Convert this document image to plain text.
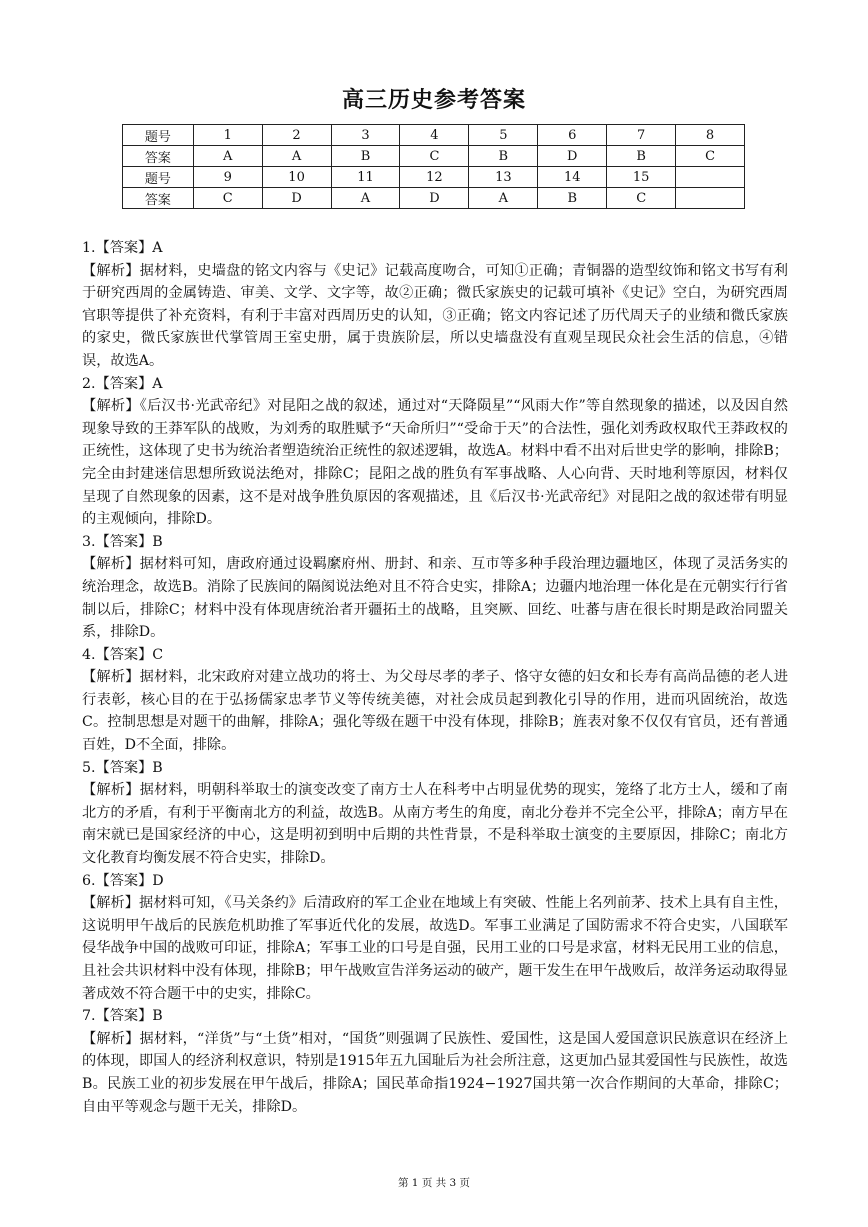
高三历史参考答案
题号	1	2	3	4	5	6	7	8
答案	A	A	B	C	B	D	B	C
题号	9	10	11	12	13	14	15	
答案	C	D	A	D	A	B	C	

1.【答案】A

【解析】据材料，史墙盘的铭文内容与《史记》记载高度吻合，可知①正确；青铜器的造型纹饰和铭文书写有利于研究西周的金属铸造、审美、文学、文字等，故②正确；微氏家族史的记载可填补《史记》空白，为研究西周官职等提供了补充资料，有利于丰富对西周历史的认知，③正确；铭文内容记述了历代周天子的业绩和微氏家族的家史，微氏家族世代掌管周王室史册，属于贵族阶层，所以史墙盘没有直观呈现民众社会生活的信息，④错误，故选A。

2.【答案】A

【解析】《后汉书·光武帝纪》对昆阳之战的叙述，通过对“天降陨星”“风雨大作”等自然现象的描述，以及因自然现象导致的王莽军队的战败，为刘秀的取胜赋予“天命所归”“受命于天”的合法性，强化刘秀政权取代王莽政权的正统性，这体现了史书为统治者塑造统治正统性的叙述逻辑，故选A。材料中看不出对后世史学的影响，排除B；完全由封建迷信思想所致说法绝对，排除C；昆阳之战的胜负有军事战略、人心向背、天时地利等原因，材料仅呈现了自然现象的因素，这不是对战争胜负原因的客观描述，且《后汉书·光武帝纪》对昆阳之战的叙述带有明显的主观倾向，排除D。

3.【答案】B

【解析】据材料可知，唐政府通过设羁縻府州、册封、和亲、互市等多种手段治理边疆地区，体现了灵活务实的统治理念，故选B。消除了民族间的隔阂说法绝对且不符合史实，排除A；边疆内地治理一体化是在元朝实行行省制以后，排除C；材料中没有体现唐统治者开疆拓土的战略，且突厥、回纥、吐蕃与唐在很长时期是政治同盟关系，排除D。

4.【答案】C

【解析】据材料，北宋政府对建立战功的将士、为父母尽孝的孝子、恪守女德的妇女和长寿有高尚品德的老人进行表彰，核心目的在于弘扬儒家忠孝节义等传统美德，对社会成员起到教化引导的作用，进而巩固统治，故选C。控制思想是对题干的曲解，排除A；强化等级在题干中没有体现，排除B；旌表对象不仅仅有官员，还有普通百姓，D不全面，排除。

5.【答案】B

【解析】据材料，明朝科举取士的演变改变了南方士人在科考中占明显优势的现实，笼络了北方士人，缓和了南北方的矛盾，有利于平衡南北方的利益，故选B。从南方考生的角度，南北分卷并不完全公平，排除A；南方早在南宋就已是国家经济的中心，这是明初到明中后期的共性背景，不是科举取士演变的主要原因，排除C；南北方文化教育均衡发展不符合史实，排除D。

6.【答案】D

【解析】据材料可知，《马关条约》后清政府的军工企业在地域上有突破、性能上名列前茅、技术上具有自主性，这说明甲午战后的民族危机助推了军事近代化的发展，故选D。军事工业满足了国防需求不符合史实，八国联军侵华战争中国的战败可印证，排除A；军事工业的口号是自强，民用工业的口号是求富，材料无民用工业的信息，且社会共识材料中没有体现，排除B；甲午战败宣告洋务运动的破产，题干发生在甲午战败后，故洋务运动取得显著成效不符合题干中的史实，排除C。

7.【答案】B

【解析】据材料，“洋货”与“土货”相对，“国货”则强调了民族性、爱国性，这是国人爱国意识民族意识在经济上的体现，即国人的经济利权意识，特别是1915年五九国耻后为社会所注意，这更加凸显其爱国性与民族性，故选B。民族工业的初步发展在甲午战后，排除A；国民革命指1924−1927国共第一次合作期间的大革命，排除C；自由平等观念与题干无关，排除D。

第 1 页 共 3 页
